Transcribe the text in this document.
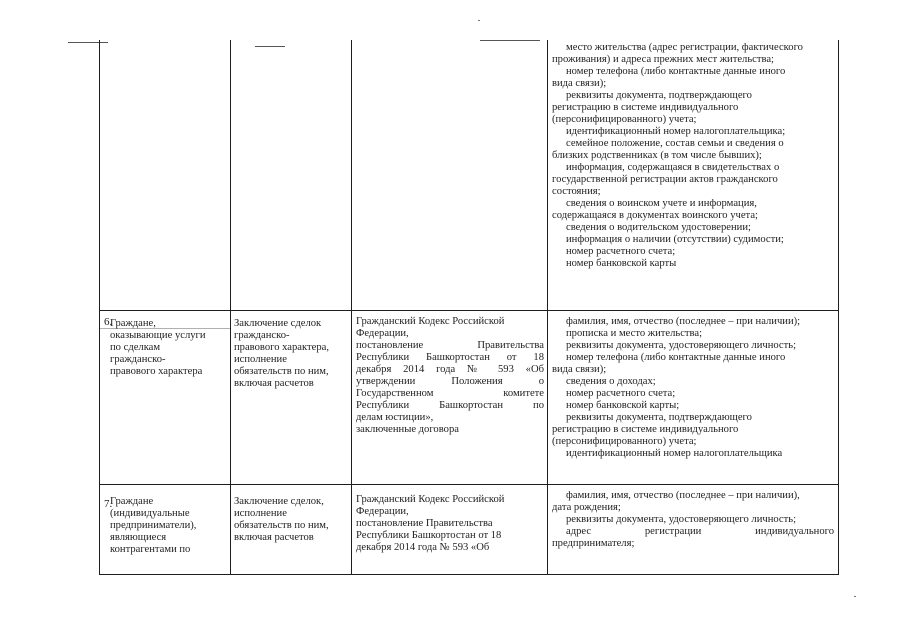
место жительства (адрес регистрации, фактического
проживания) и адреса прежних мест жительства;
номер телефона (либо контактные данные иного
вида связи);
реквизиты документа, подтверждающего
регистрацию в системе индивидуального
(персонифицированного) учета;
идентификационный номер налогоплательщика;
семейное положение, состав семьи и сведения о
близких родственниках (в том числе бывших);
информация, содержащаяся в свидетельствах о
государственной регистрации актов гражданского
состояния;
сведения о воинском учете и информация,
содержащаяся в документах воинского учета;
сведения о водительском удостоверении;
информация о наличии (отсутствии) судимости;
номер расчетного счета;
номер банковской карты
6.
Граждане,
оказывающие услуги
по сделкам
гражданско-
правового характера
Заключение сделок
гражданско-
правового характера,
исполнение
обязательств по ним,
включая расчетов
Гражданский Кодекс Российской
Федерации,
постановление Правительства
Республики Башкортостан от 18
декабря 2014 года № 593 «Об
утверждении Положения о
Государственном комитете
Республики Башкортостан по
делам юстиции»,
заключенные договора
фамилия, имя, отчество (последнее – при наличии);
прописка и место жительства;
реквизиты документа, удостоверяющего личность;
номер телефона (либо контактные данные иного
вида связи);
сведения о доходах;
номер расчетного счета;
номер банковской карты;
реквизиты документа, подтверждающего
регистрацию в системе индивидуального
(персонифицированного) учета;
идентификационный номер налогоплательщика
7.
Граждане
(индивидуальные
предприниматели),
являющиеся
контрагентами по
Заключение сделок,
исполнение
обязательств по ним,
включая расчетов
Гражданский Кодекс Российской
Федерации,
постановление Правительства
Республики Башкортостан от 18
декабря 2014 года № 593 «Об
фамилия, имя, отчество (последнее – при наличии),
дата рождения;
реквизиты документа, удостоверяющего личность;
адрес регистрации индивидуального
предпринимателя;
